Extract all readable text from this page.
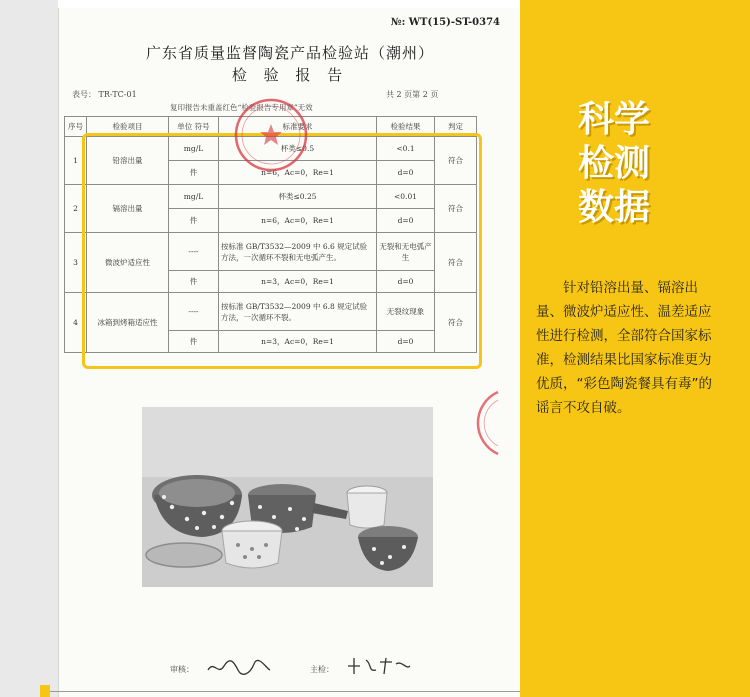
№: WT(15)-ST-0374
广东省质量监督陶瓷产品检验站（潮州）
检 验 报 告
表号： TR-TC-01	共 2 页第 2 页
复印报告未重盖红色“检验报告专用章”无效
序号	检验项目	单位 符号	标准要求	检验结果	判定
1	铅溶出量	mg/L	杯类≤0.5	<0.1	符合
		件	n=6，Ac=0，Re=1	d=0	
2	镉溶出量	mg/L	杯类≤0.25	<0.01	符合
		件	n=6，Ac=0，Re=1	d=0	
3	微波炉适应性	----	按标准 GB/T3532—2009 中 6.6 规定试验方法，一次循环不裂和无电弧产生。	无裂和无电弧产生	符合
		件	n=3，Ac=0，Re=1	d=0	
4	冰箱到烤箱适应性	----	按标准 GB/T3532—2009 中 6.8 规定试验方法，一次循环不裂。	无裂纹现象	符合
		件	n=3，Ac=0，Re=1	d=0	
审核：	主检：
科学
检测
数据
针对铅溶出量、镉溶出量、微波炉适应性、温差适应性进行检测，全部符合国家标准，检测结果比国家标准更为优质，“彩色陶瓷餐具有毒”的谣言不攻自破。
